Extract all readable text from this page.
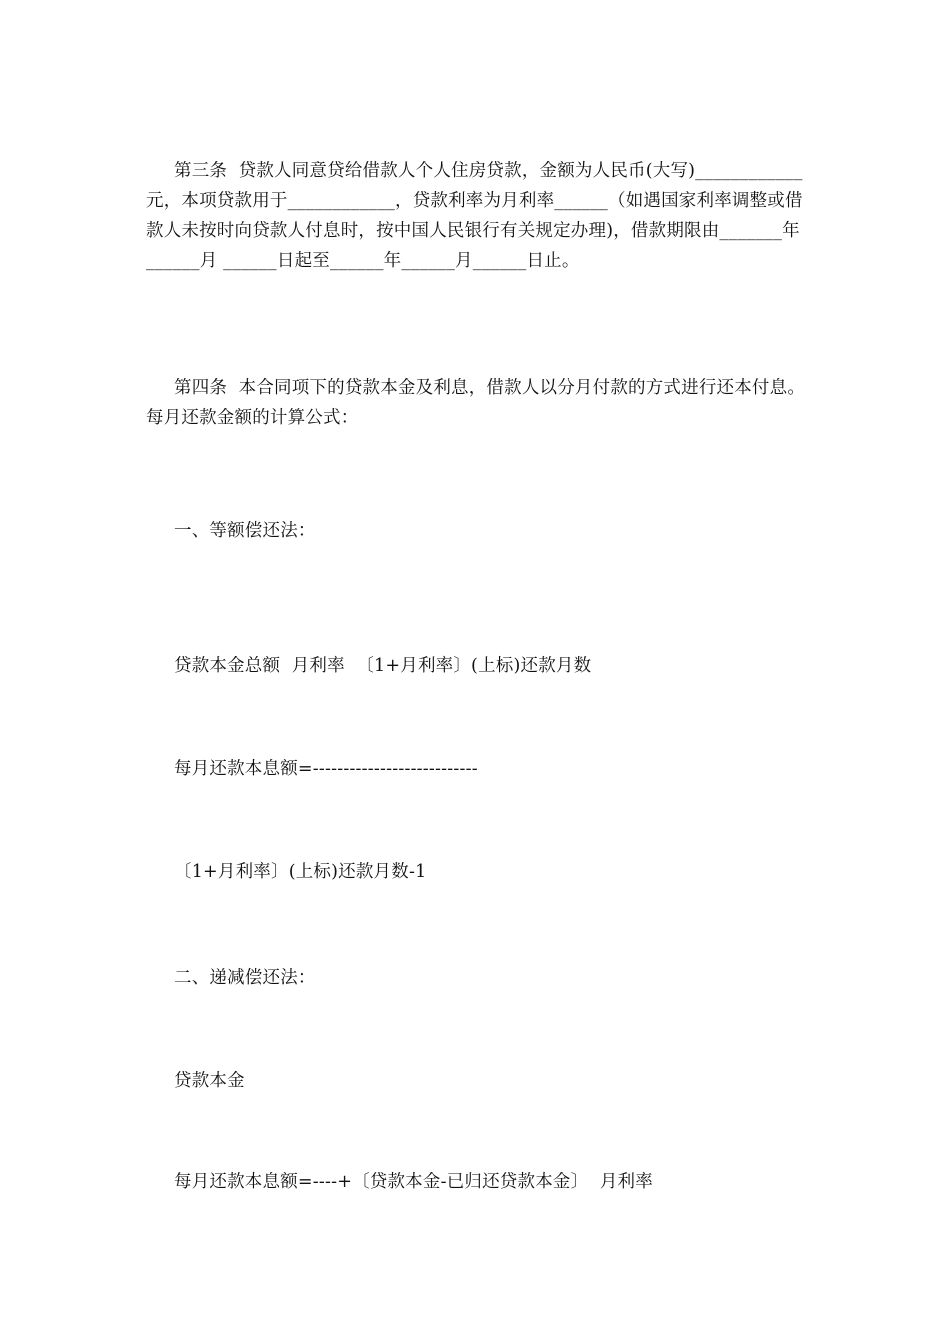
第三条  贷款人同意贷给借款人个人住房贷款，金额为人民币(大写)____________元，本项贷款用于____________，贷款利率为月利率______（如遇国家利率调整或借款人未按时向贷款人付息时，按中国人民银行有关规定办理)，借款期限由_______年______月 ______日起至______年______月______日止。

第四条  本合同项下的贷款本金及利息，借款人以分月付款的方式进行还本付息。每月还款金额的计算公式：

一、等额偿还法：

贷款本金总额  月利率  〔1+月利率〕(上标)还款月数

每月还款本息额=---------------------------

〔1+月利率〕(上标)还款月数-1

二、递减偿还法：

贷款本金

每月还款本息额=----+〔贷款本金-已归还贷款本金〕  月利率
